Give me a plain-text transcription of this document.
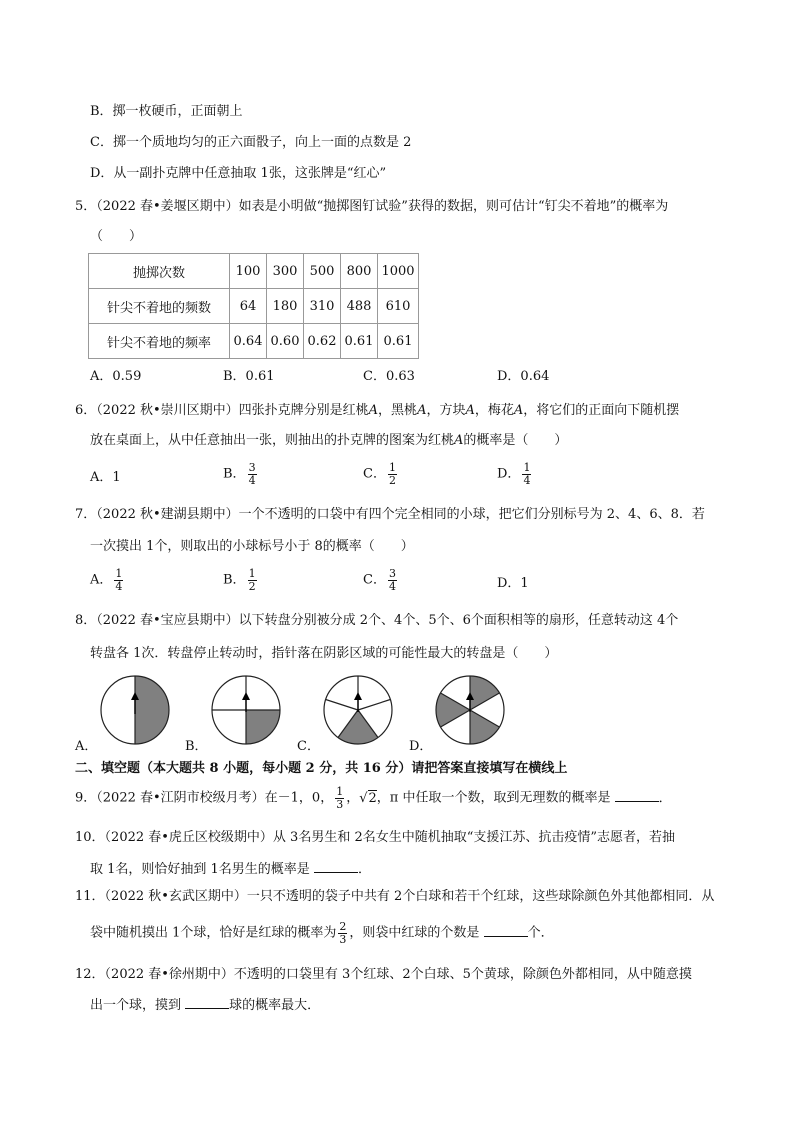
B．掷一枚硬币，正面朝上
C．掷一个质地均匀的正六面骰子，向上一面的点数是 2
D．从一副扑克牌中任意抽取 1张，这张牌是“红心”
5．（2022 春•姜堰区期中）如表是小明做“抛掷图钉试验”获得的数据，则可估计“钉尖不着地”的概率为
（　　）
抛掷次数	100	300	500	800	1000
针尖不着地的频数	64	180	310	488	610
针尖不着地的频率	0.64	0.60	0.62	0.61	0.61
A．0.59	B．0.61	C．0.63	D．0.64
6．（2022 秋•崇川区期中）四张扑克牌分别是红桃A，黑桃A，方块A，梅花A，将它们的正面向下随机摆
放在桌面上，从中任意抽出一张，则抽出的扑克牌的图案为红桃A的概率是（　　）
A．1	B． $\frac{3}{4}$	C． $\frac{1}{2}$	D． $\frac{1}{4}$
7．（2022 秋•建湖县期中）一个不透明的口袋中有四个完全相同的小球，把它们分别标号为 2、4、6、8．若
一次摸出 1个，则取出的小球标号小于 8的概率（　　）
A． $\frac{1}{4}$	B． $\frac{1}{2}$	C． $\frac{3}{4}$	D．1
8．（2022 春•宝应县期中）以下转盘分别被分成 2个、4个、5个、6个面积相等的扇形，任意转动这 4个
转盘各 1次．转盘停止转动时，指针落在阴影区域的可能性最大的转盘是（　　）
A．	B．	C．	D．
二、填空题（本大题共 8 小题，每小题 2 分，共 16 分）请把答案直接填写在横线上
9．（2022 春•江阴市校级月考）在－1，0， $\frac{1}{3}$ ，√2，π 中任取一个数，取到无理数的概率是	．
10．（2022 春•虎丘区校级期中）从 3名男生和 2名女生中随机抽取“支援江苏、抗击疫情”志愿者，若抽
取 1名，则恰好抽到 1名男生的概率是	．
11．（2022 秋•玄武区期中）一只不透明的袋子中共有 2个白球和若干个红球，这些球除颜色外其他都相同．从
袋中随机摸出 1个球，恰好是红球的概率为 $\frac{2}{3}$ ，则袋中红球的个数是	个．
12．（2022 春•徐州期中）不透明的口袋里有 3个红球、2个白球、5个黄球，除颜色外都相同，从中随意摸
出一个球，摸到	球的概率最大．
